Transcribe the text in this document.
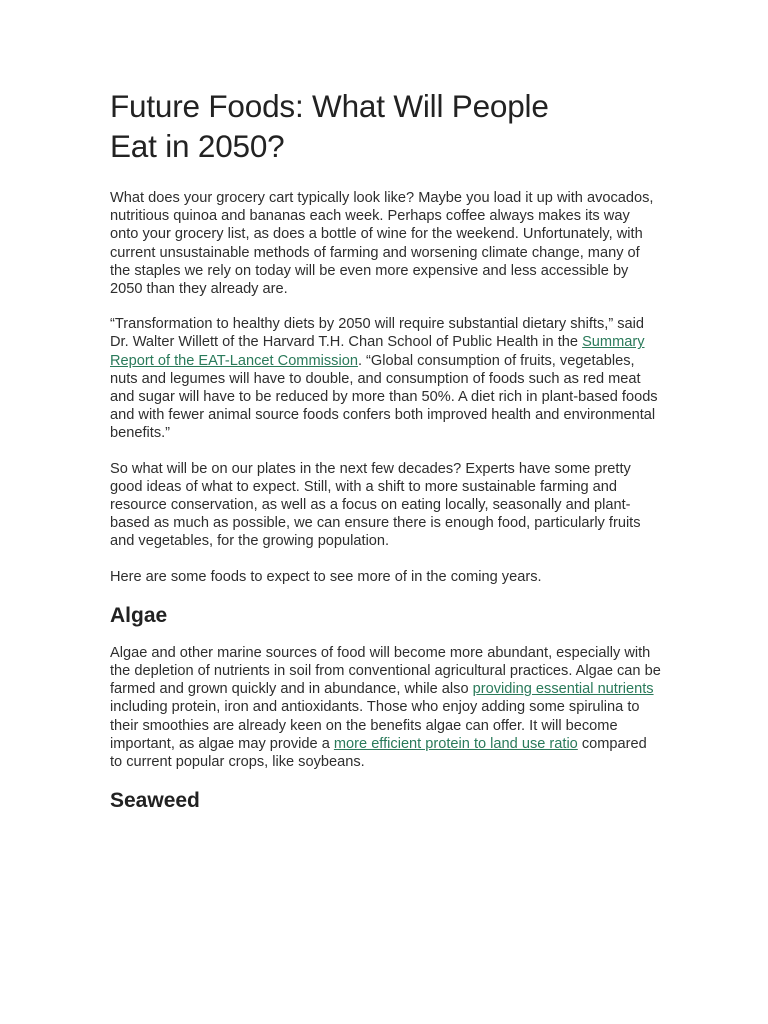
Future Foods: What Will People
Eat in 2050?

What does your grocery cart typically look like? Maybe you load it up with avocados, nutritious quinoa and bananas each week. Perhaps coffee always makes its way onto your grocery list, as does a bottle of wine for the weekend. Unfortunately, with current unsustainable methods of farming and worsening climate change, many of the staples we rely on today will be even more expensive and less accessible by 2050 than they already are.

“Transformation to healthy diets by 2050 will require substantial dietary shifts,” said Dr. Walter Willett of the Harvard T.H. Chan School of Public Health in the Summary Report of the EAT-Lancet Commission. “Global consumption of fruits, vegetables, nuts and legumes will have to double, and consumption of foods such as red meat and sugar will have to be reduced by more than 50%. A diet rich in plant-based foods and with fewer animal source foods confers both improved health and environmental benefits.”

So what will be on our plates in the next few decades? Experts have some pretty good ideas of what to expect. Still, with a shift to more sustainable farming and resource conservation, as well as a focus on eating locally, seasonally and plant-based as much as possible, we can ensure there is enough food, particularly fruits and vegetables, for the growing population.

Here are some foods to expect to see more of in the coming years.

Algae

Algae and other marine sources of food will become more abundant, especially with the depletion of nutrients in soil from conventional agricultural practices. Algae can be farmed and grown quickly and in abundance, while also providing essential nutrients including protein, iron and antioxidants. Those who enjoy adding some spirulina to their smoothies are already keen on the benefits algae can offer. It will become important, as algae may provide a more efficient protein to land use ratio compared to current popular crops, like soybeans.

Seaweed
